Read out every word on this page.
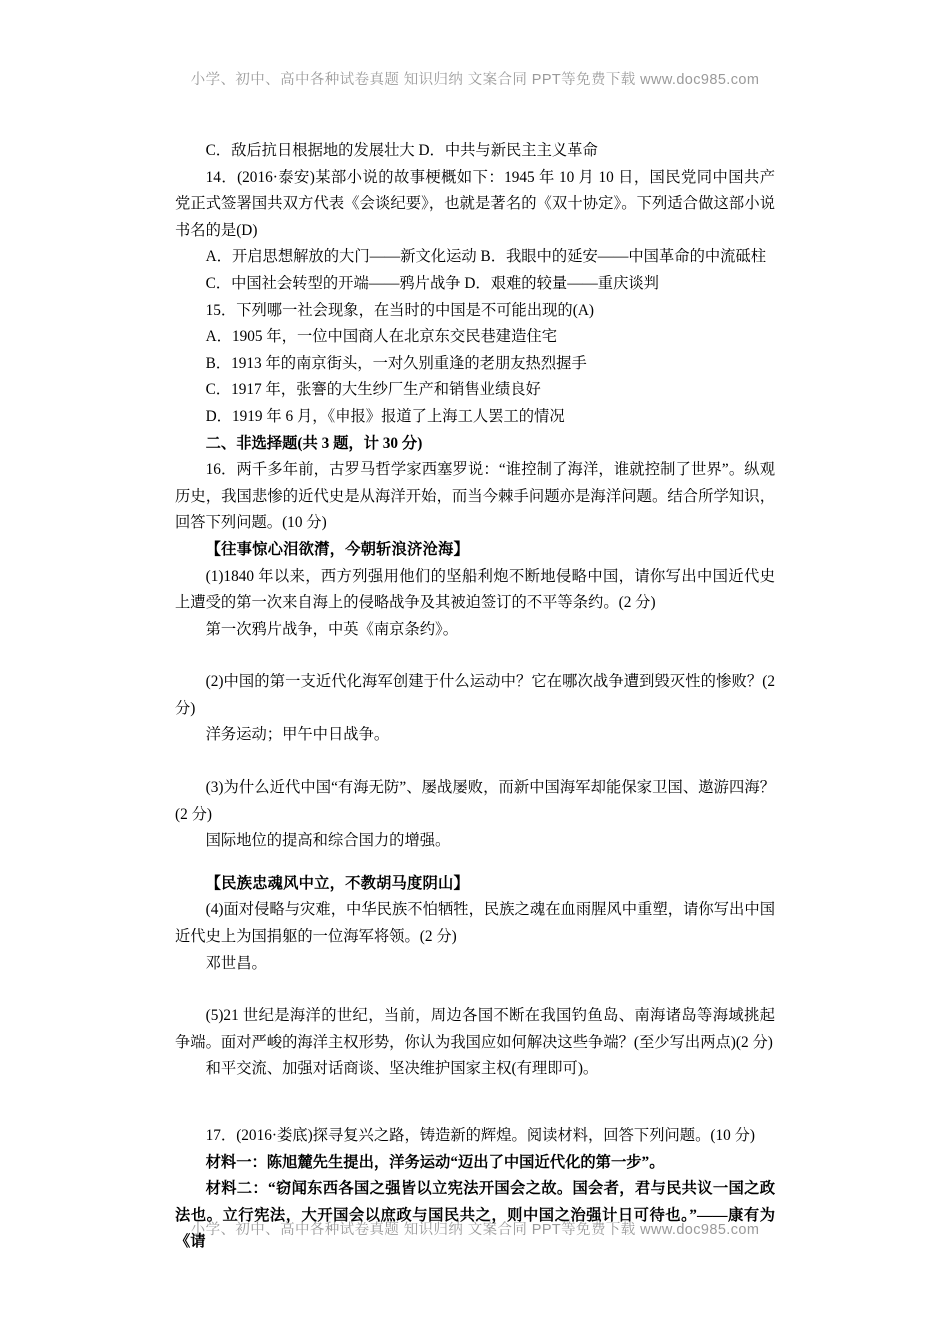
小学、初中、高中各种试卷真题 知识归纳 文案合同 PPT等免费下载 www.doc985.com

C．敌后抗日根据地的发展壮大 D．中共与新民主主义革命

14．(2016·泰安)某部小说的故事梗概如下：1945 年 10 月 10 日，国民党同中国共产党正式签署国共双方代表《会谈纪要》，也就是著名的《双十协定》。下列适合做这部小说书名的是(D)

A．开启思想解放的大门——新文化运动 B．我眼中的延安——中国革命的中流砥柱

C．中国社会转型的开端——鸦片战争 D．艰难的较量——重庆谈判

15．下列哪一社会现象，在当时的中国是不可能出现的(A)

A．1905 年，一位中国商人在北京东交民巷建造住宅

B．1913 年的南京街头，一对久别重逢的老朋友热烈握手

C．1917 年，张謇的大生纱厂生产和销售业绩良好

D．1919 年 6 月，《申报》报道了上海工人罢工的情况

二、非选择题(共 3 题，计 30 分)

16．两千多年前，古罗马哲学家西塞罗说：“谁控制了海洋，谁就控制了世界”。纵观历史，我国悲惨的近代史是从海洋开始，而当今棘手问题亦是海洋问题。结合所学知识，回答下列问题。(10 分)

【往事惊心泪欲潸，今朝斩浪济沧海】

(1)1840 年以来，西方列强用他们的坚船利炮不断地侵略中国，请你写出中国近代史上遭受的第一次来自海上的侵略战争及其被迫签订的不平等条约。(2 分)

第一次鸦片战争，中英《南京条约》。

(2)中国的第一支近代化海军创建于什么运动中？它在哪次战争遭到毁灭性的惨败？(2 分)

洋务运动；甲午中日战争。

(3)为什么近代中国“有海无防”、屡战屡败，而新中国海军却能保家卫国、遨游四海？(2 分)

国际地位的提高和综合国力的增强。

【民族忠魂风中立，不教胡马度阴山】

(4)面对侵略与灾难，中华民族不怕牺牲，民族之魂在血雨腥风中重塑，请你写出中国近代史上为国捐躯的一位海军将领。(2 分)

邓世昌。

(5)21 世纪是海洋的世纪，当前，周边各国不断在我国钓鱼岛、南海诸岛等海域挑起争端。面对严峻的海洋主权形势，你认为我国应如何解决这些争端？(至少写出两点)(2 分)

和平交流、加强对话商谈、坚决维护国家主权(有理即可)。

17．(2016·娄底)探寻复兴之路，铸造新的辉煌。阅读材料，回答下列问题。(10 分)

材料一：陈旭麓先生提出，洋务运动“迈出了中国近代化的第一步”。

材料二：“窃闻东西各国之强皆以立宪法开国会之故。国会者，君与民共议一国之政法也。立行宪法，大开国会以庶政与国民共之，则中国之治强计日可待也。”——康有为《请

小学、初中、高中各种试卷真题 知识归纳 文案合同 PPT等免费下载 www.doc985.com
